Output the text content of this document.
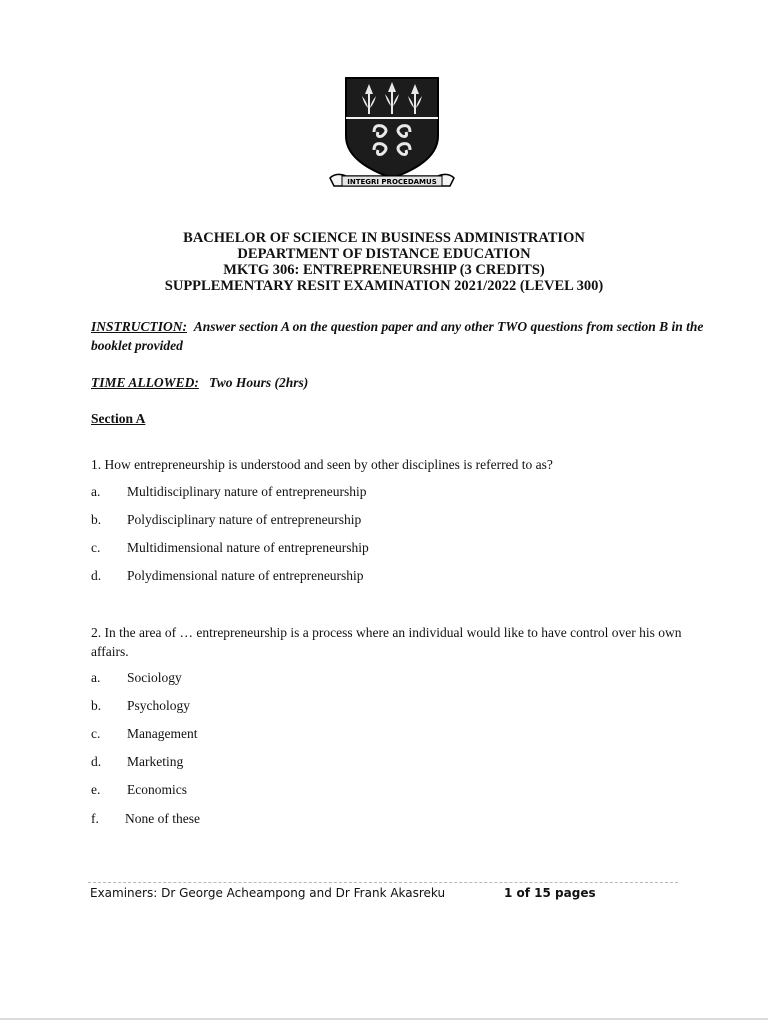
INTEGRI PROCEDAMUS
BACHELOR OF SCIENCE IN BUSINESS ADMINISTRATION
DEPARTMENT OF DISTANCE EDUCATION
MKTG 306: ENTREPRENEURSHIP (3 CREDITS)
SUPPLEMENTARY RESIT EXAMINATION 2021/2022 (LEVEL 300)
INSTRUCTION: Answer section A on the question paper and any other TWO questions from section B in the booklet provided
TIME ALLOWED: Two Hours (2hrs)
Section A
1. How entrepreneurship is understood and seen by other disciplines is referred to as?
a. Multidisciplinary nature of entrepreneurship
b. Polydisciplinary nature of entrepreneurship
c. Multidimensional nature of entrepreneurship
d. Polydimensional nature of entrepreneurship
2. In the area of … entrepreneurship is a process where an individual would like to have control over his own affairs.
a. Sociology
b. Psychology
c. Management
d. Marketing
e. Economics
f. None of these
Examiners: Dr George Acheampong and Dr Frank Akasreku	1 of 15 pages
